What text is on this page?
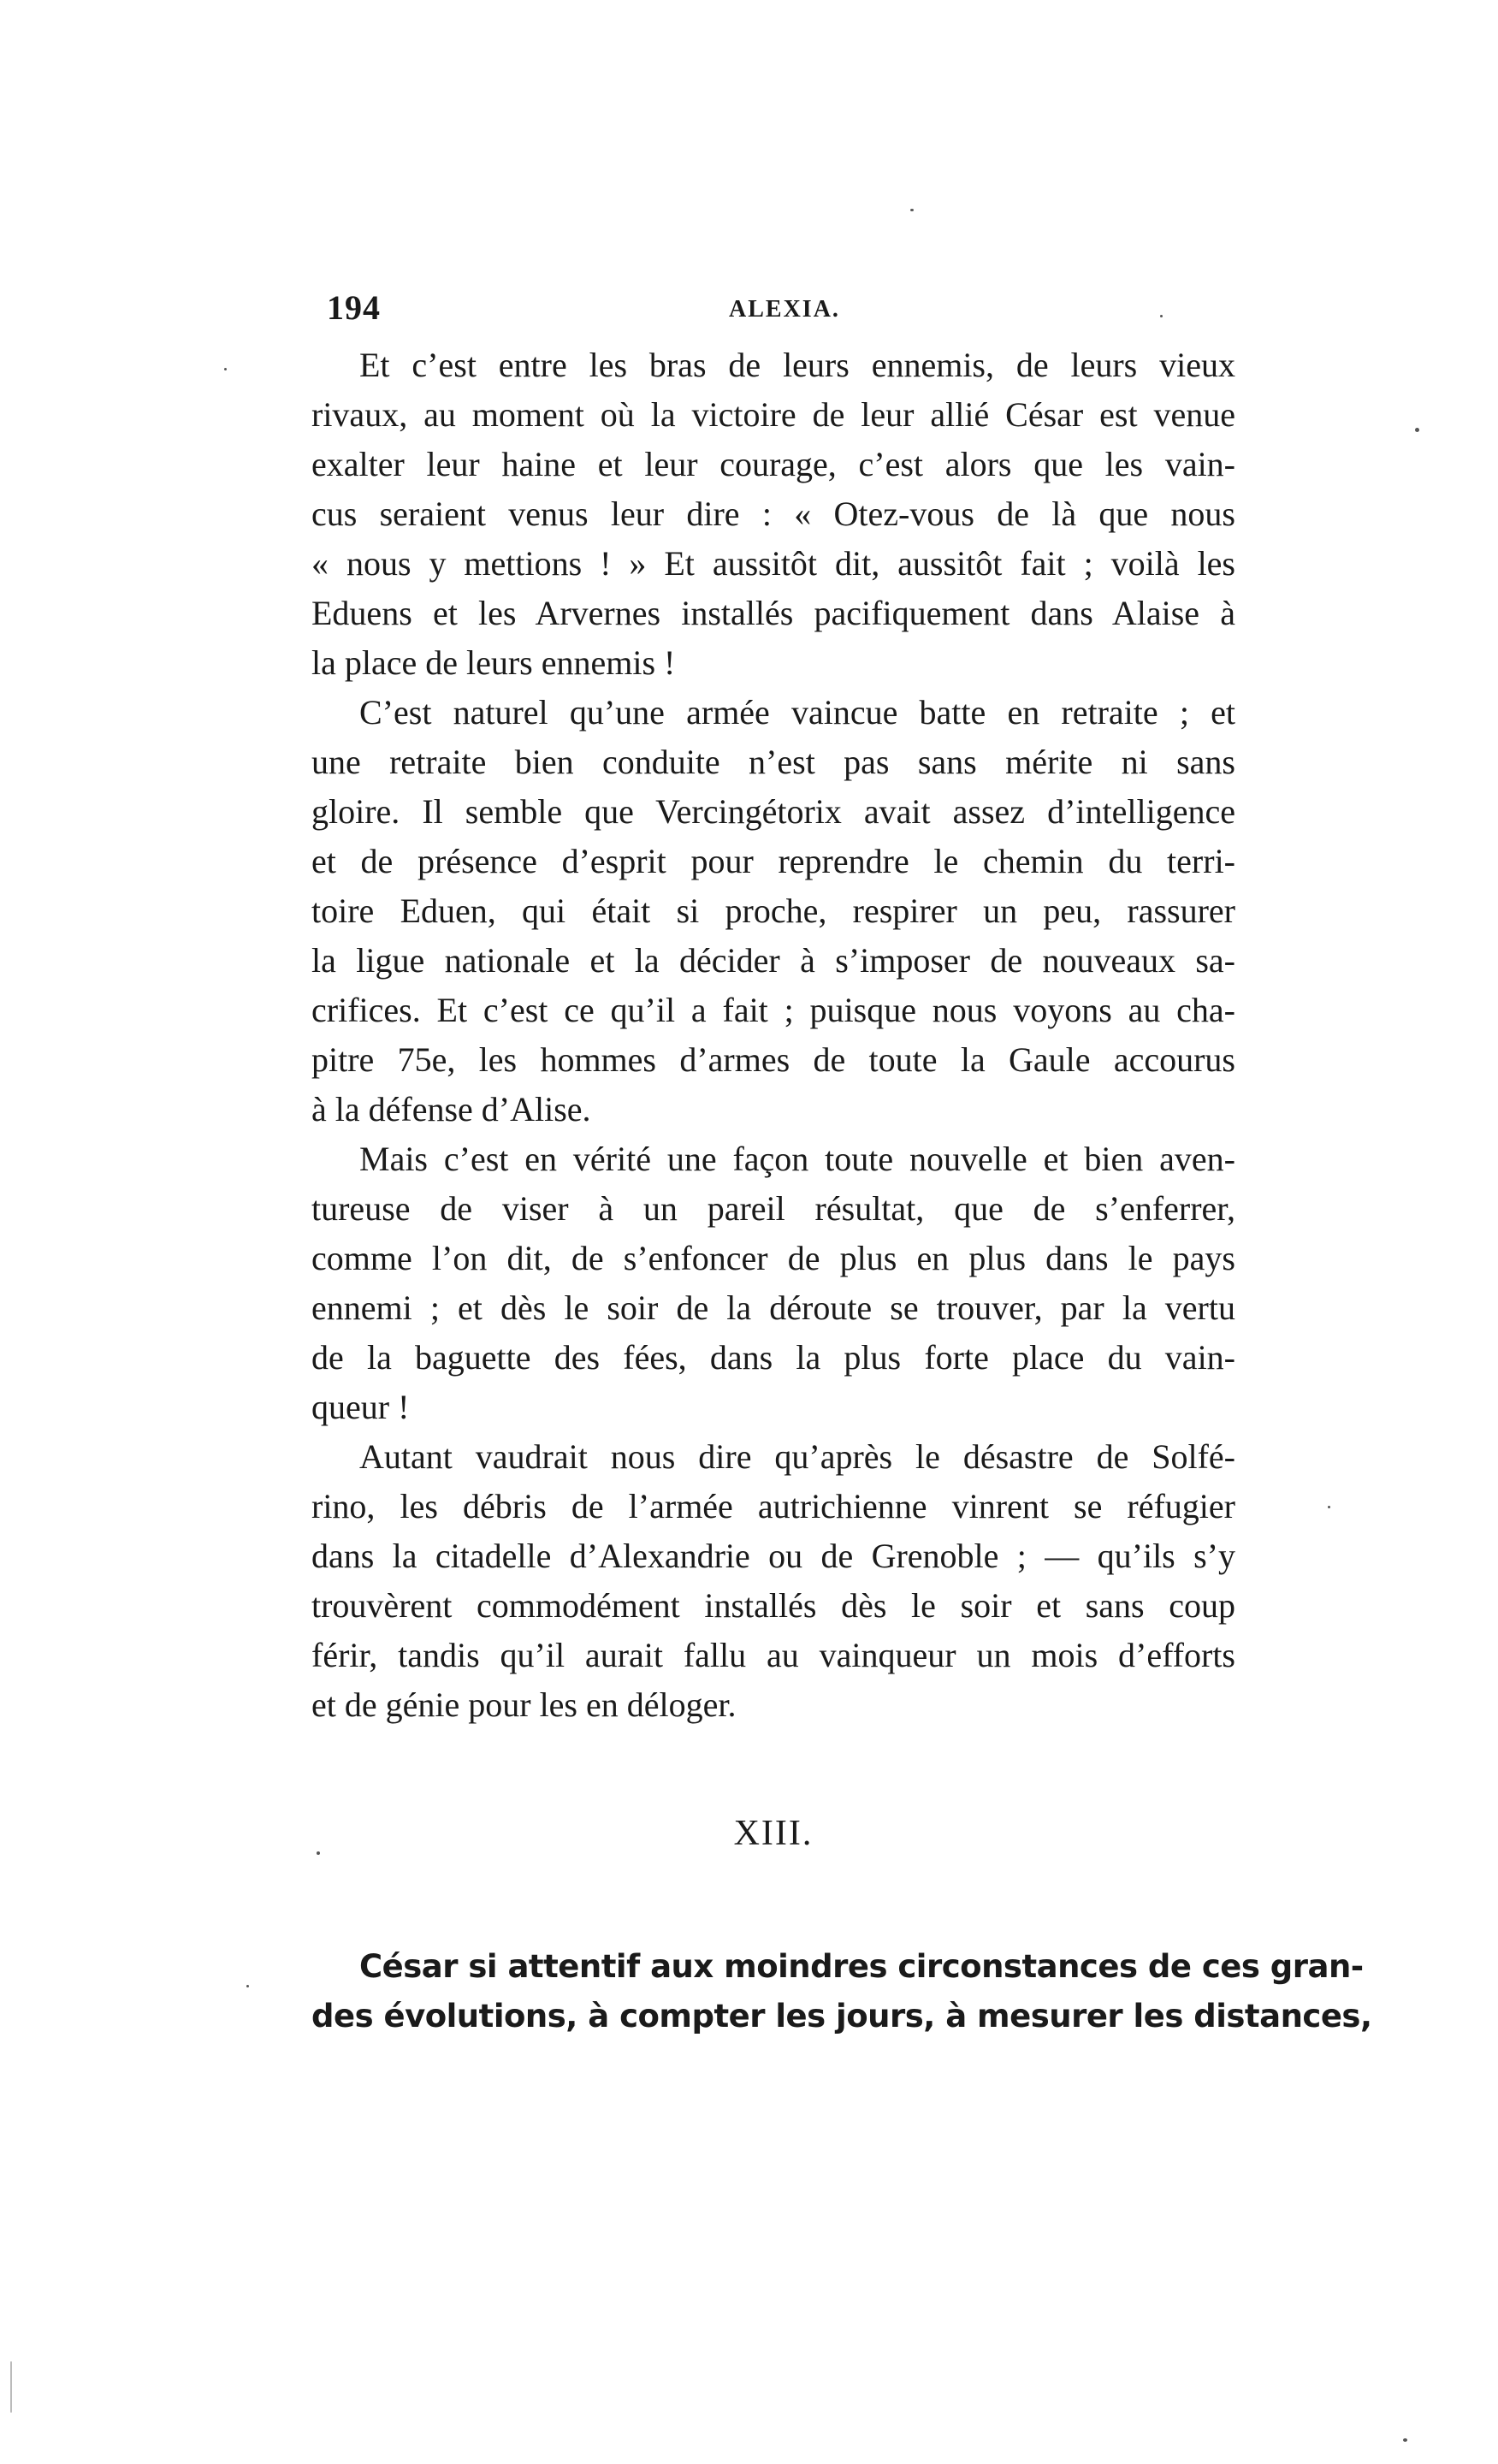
194	ALEXIA.
Et c’est entre les bras de leurs ennemis, de leurs vieux
rivaux, au moment où la victoire de leur allié César est venue
exalter leur haine et leur courage, c’est alors que les vain-
cus seraient venus leur dire : « Otez-vous de là que nous
« nous y mettions ! » Et aussitôt dit, aussitôt fait ; voilà les
Eduens et les Arvernes installés pacifiquement dans Alaise à
la place de leurs ennemis !
C’est naturel qu’une armée vaincue batte en retraite ; et
une retraite bien conduite n’est pas sans mérite ni sans
gloire. Il semble que Vercingétorix avait assez d’intelligence
et de présence d’esprit pour reprendre le chemin du terri-
toire Eduen, qui était si proche, respirer un peu, rassurer
la ligue nationale et la décider à s’imposer de nouveaux sa-
crifices. Et c’est ce qu’il a fait ; puisque nous voyons au cha-
pitre 75e, les hommes d’armes de toute la Gaule accourus
à la défense d’Alise.
Mais c’est en vérité une façon toute nouvelle et bien aven-
tureuse de viser à un pareil résultat, que de s’enferrer,
comme l’on dit, de s’enfoncer de plus en plus dans le pays
ennemi ; et dès le soir de la déroute se trouver, par la vertu
de la baguette des fées, dans la plus forte place du vain-
queur !
Autant vaudrait nous dire qu’après le désastre de Solfé-
rino, les débris de l’armée autrichienne vinrent se réfugier
dans la citadelle d’Alexandrie ou de Grenoble ; — qu’ils s’y
trouvèrent commodément installés dès le soir et sans coup
férir, tandis qu’il aurait fallu au vainqueur un mois d’efforts
et de génie pour les en déloger.
XIII.
César si attentif aux moindres circonstances de ces gran-
des évolutions, à compter les jours, à mesurer les distances,
